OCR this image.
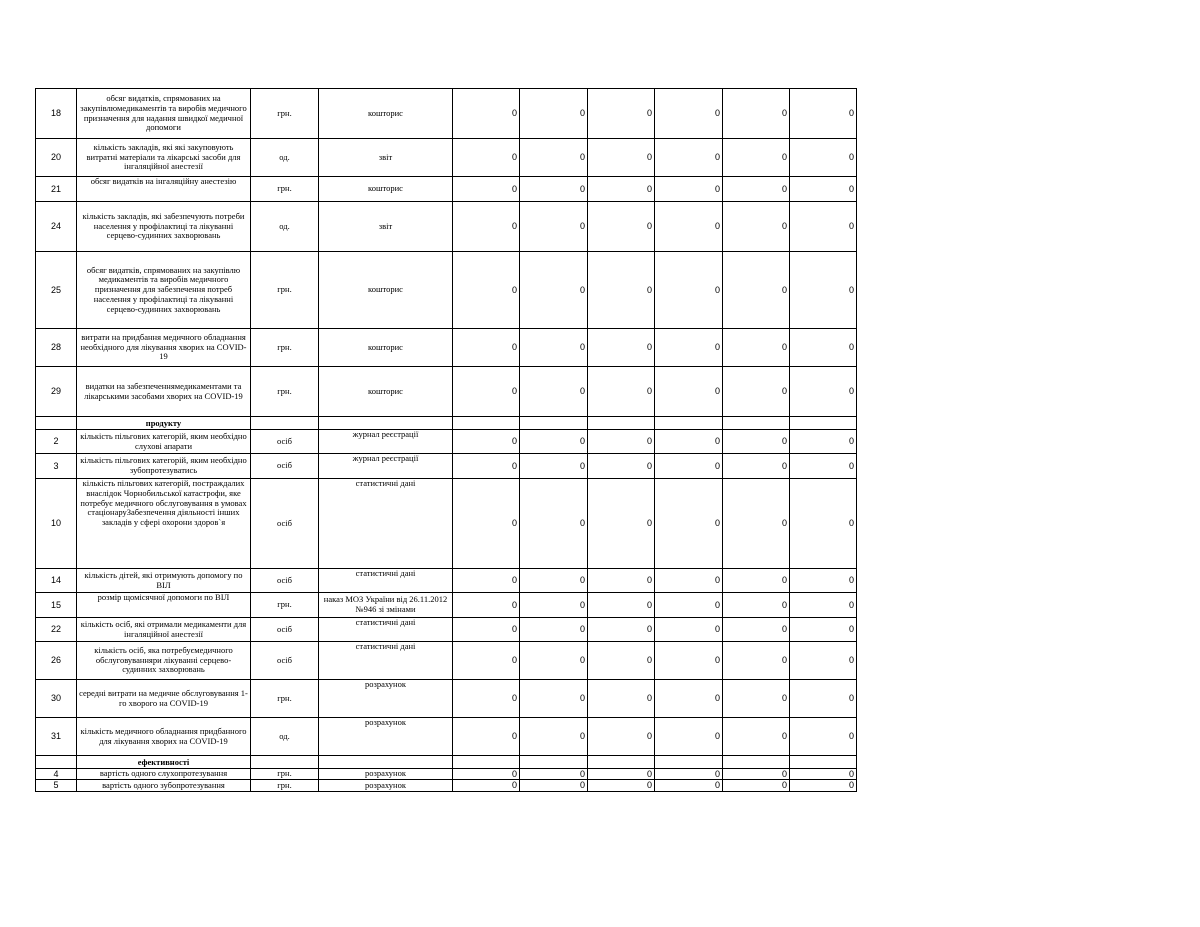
18	обсяг видатків, спрямованих на закупівлюмедикаментів та виробів медичного призначення для надання швидкої медичної допомоги	грн.	кошторис	0	0	0	0	0	0
20	кількість закладів, які які закуповують витратні матеріали та лікарські засоби для інгаляційної анестезії	од.	звіт	0	0	0	0	0	0
21	обсяг видатків на інгаляційну анестезію	грн.	кошторис	0	0	0	0	0	0
24	кількість закладів, які забезпечують потреби населення у профілактиці та лікуванні серцево-судинних захворювань	од.	звіт	0	0	0	0	0	0
25	обсяг видатків, спрямованих на закупівлю медикаментів та виробів медичного призначення для забезпечення потреб населення у профілактиці та лікуванні серцево-судинних захворювань	грн.	кошторис	0	0	0	0	0	0
28	витрати на придбання медичного обладнання необхідного для лікування хворих на COVID-19	грн.	кошторис	0	0	0	0	0	0
29	видатки на забезпеченнямедикаментами та лікарськими засобами хворих на COVID-19	грн.	кошторис	0	0	0	0	0	0
	продукту								
2	кількість пільгових категорій, яким необхідно слухові апарати	осіб	журнал реєстрації	0	0	0	0	0	0
3	кількість пільгових категорій, яким необхідно зубопротезуватись	осіб	журнал реєстрації	0	0	0	0	0	0
10	кількість пільгових категорій, постраждалих внаслідок Чорнобильської катастрофи, яке потребує медичного обслуговування в умовах стаціонаруЗабезпечення діяльності інших закладів у сфері охорони здоров`я	осіб	статистичні дані	0	0	0	0	0	0
14	кількість дітей, які отримують допомогу по ВІЛ	осіб	статистичні дані	0	0	0	0	0	0
15	розмір щомісячної допомоги по ВІЛ	грн.	наказ МОЗ України від 26.11.2012 №946 зі змінами	0	0	0	0	0	0
22	кількість осіб, які отримали медикаменти для інгаляційної анестезії	осіб	статистичні дані	0	0	0	0	0	0
26	кількість осіб, яка потребуємедичного обслуговуванняри лікуванні серцево-судинних захворювань	осіб	статистичні дані	0	0	0	0	0	0
30	середні витрати на медичне обслуговування 1-го хворого на COVID-19	грн.	розрахунок	0	0	0	0	0	0
31	кількість медичного обладнання придбанного для лікування хворих на COVID-19	од.	розрахунок	0	0	0	0	0	0
	ефективності								
4	вартість одного слухопротезування	грн.	розрахунок	0	0	0	0	0	0
5	вартість одного зубопротезування	грн.	розрахунок	0	0	0	0	0	0
